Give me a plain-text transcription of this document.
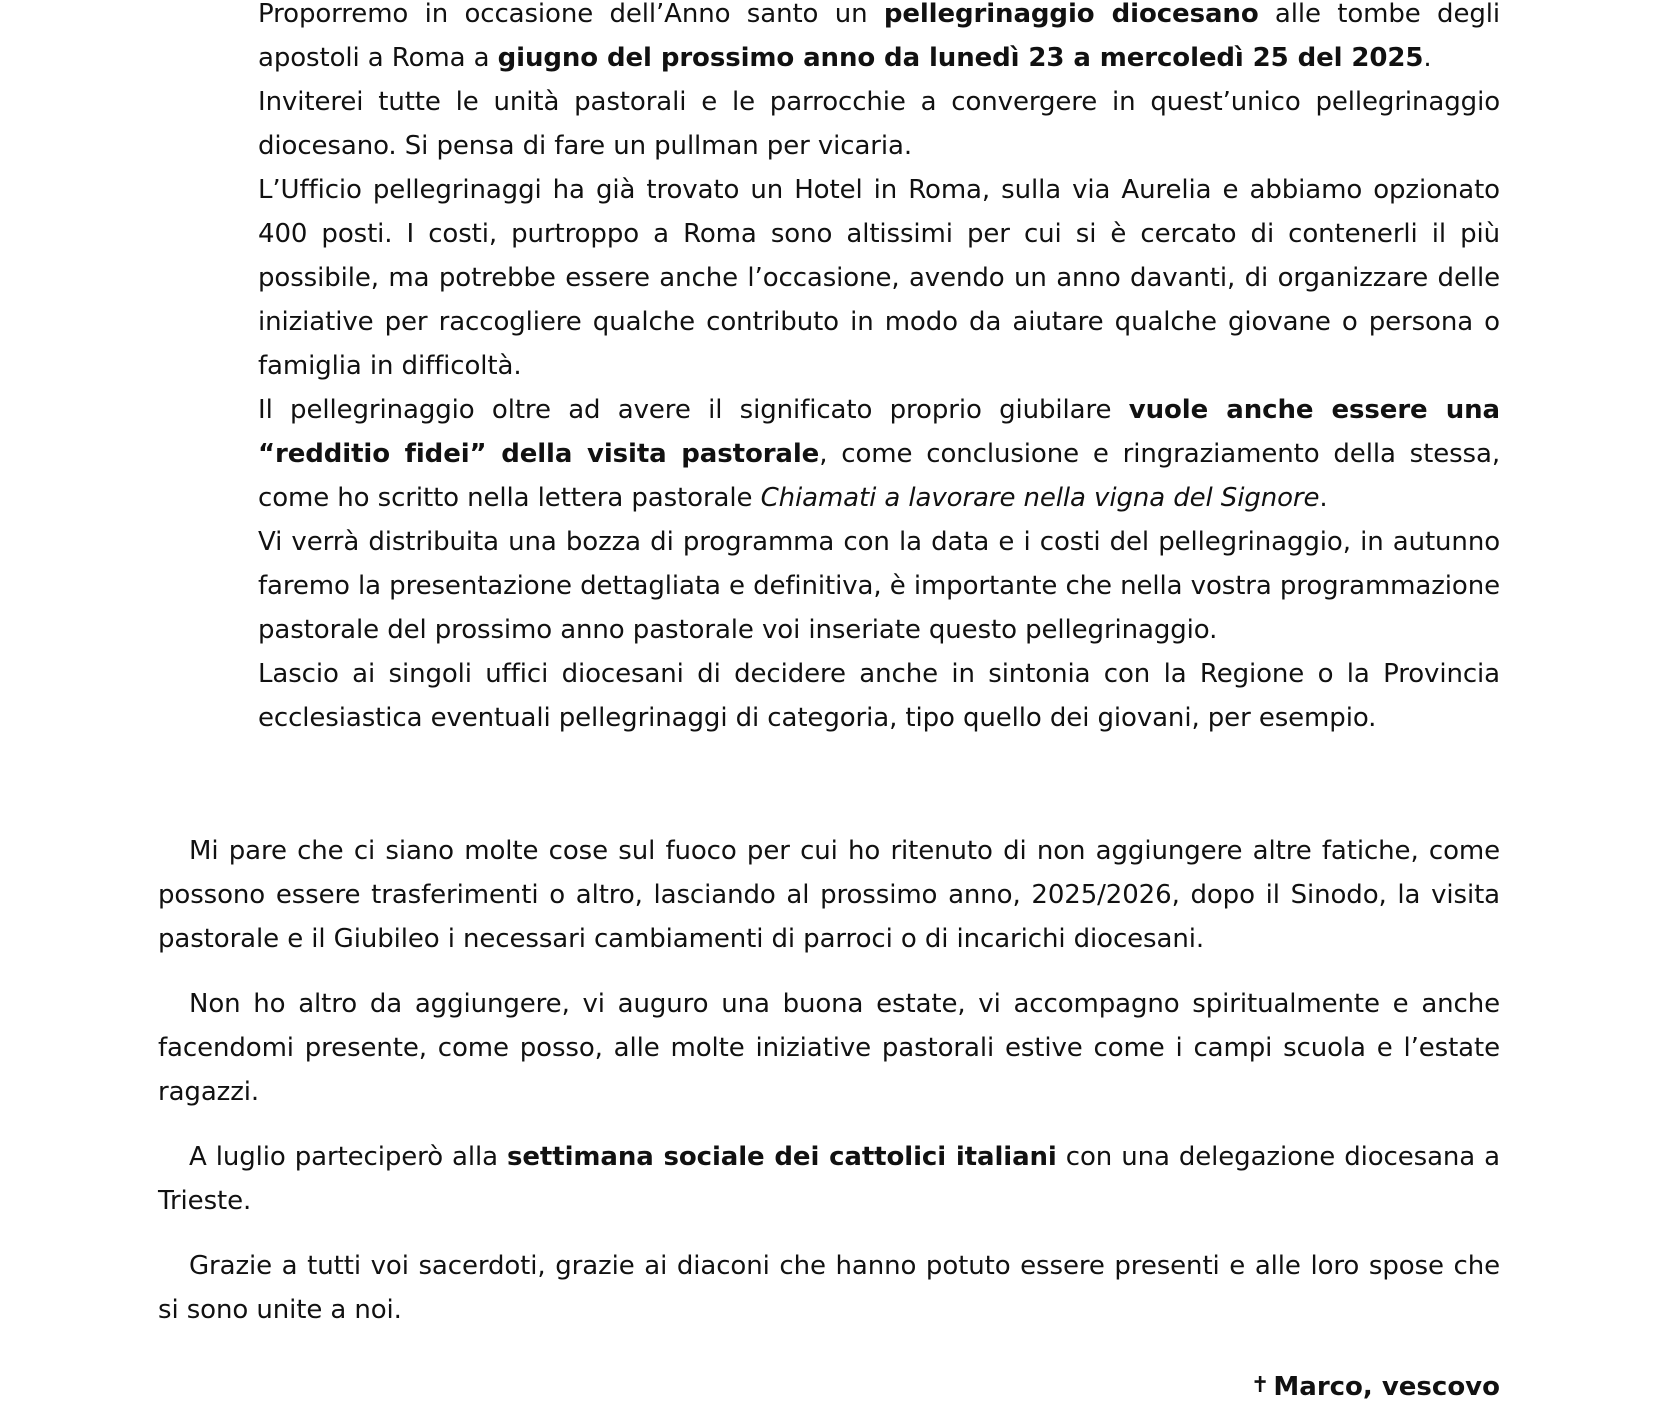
Proporremo in occasione dell’Anno santo un pellegrinaggio diocesano alle tombe degli apostoli a Roma a giugno del prossimo anno da lunedì 23 a mercoledì 25 del 2025.

Inviterei tutte le unità pastorali e le parrocchie a convergere in quest’unico pellegrinaggio diocesano. Si pensa di fare un pullman per vicaria.

L’Ufficio pellegrinaggi ha già trovato un Hotel in Roma, sulla via Aurelia e abbiamo opzionato 400 posti. I costi, purtroppo a Roma sono altissimi per cui si è cercato di contenerli il più possibile, ma potrebbe essere anche l’occasione, avendo un anno davanti, di organizzare delle iniziative per raccogliere qualche contributo in modo da aiutare qualche giovane o persona o famiglia in difficoltà.

Il pellegrinaggio oltre ad avere il significato proprio giubilare vuole anche essere una “redditio fidei” della visita pastorale, come conclusione e ringraziamento della stessa, come ho scritto nella lettera pastorale Chiamati a lavorare nella vigna del Signore.

Vi verrà distribuita una bozza di programma con la data e i costi del pellegrinaggio, in autunno faremo la presentazione dettagliata e definitiva, è importante che nella vostra programmazione pastorale del prossimo anno pastorale voi inseriate questo pellegrinaggio.

Lascio ai singoli uffici diocesani di decidere anche in sintonia con la Regione o la Provincia ecclesiastica eventuali pellegrinaggi di categoria, tipo quello dei giovani, per esempio.

Mi pare che ci siano molte cose sul fuoco per cui ho ritenuto di non aggiungere altre fatiche, come possono essere trasferimenti o altro, lasciando al prossimo anno, 2025/2026, dopo il Sinodo, la visita pastorale e il Giubileo i necessari cambiamenti di parroci o di incarichi diocesani.

Non ho altro da aggiungere, vi auguro una buona estate, vi accompagno spiritualmente e anche facendomi presente, come posso, alle molte iniziative pastorali estive come i campi scuola e l’estate ragazzi.

A luglio parteciperò alla settimana sociale dei cattolici italiani con una delegazione diocesana a Trieste.

Grazie a tutti voi sacerdoti, grazie ai diaconi che hanno potuto essere presenti e alle loro spose che si sono unite a noi.

✝ Marco, vescovo
